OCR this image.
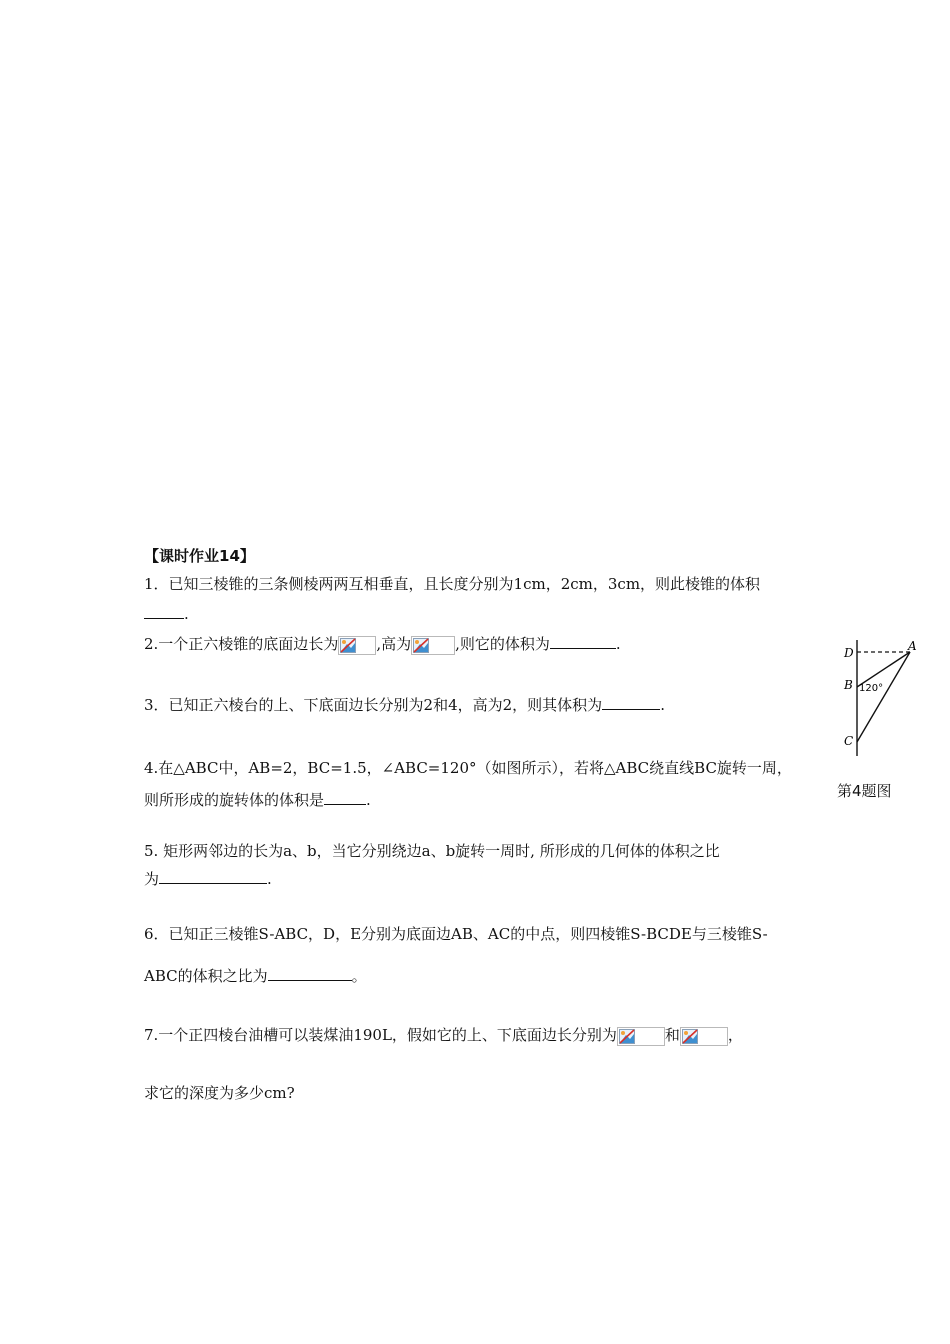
【课时作业14】
1．已知三棱锥的三条侧棱两两互相垂直，且长度分别为1cm，2cm，3cm，则此棱锥的体积
.
2.一个正六棱锥的底面边长为	,高为	,则它的体积为	.
3．已知正六棱台的上、下底面边长分别为2和4，高为2，则其体积为	.
4.在△ABC中，AB=2，BC=1.5，∠ABC=120°（如图所示），若将△ABC绕直线BC旋转一周，
则所形成的旋转体的体积是	.
5. 矩形两邻边的长为a、b，当它分别绕边a、b旋转一周时, 所形成的几何体的体积之比
为	.
6．已知正三棱锥S-ABC，D，E分别为底面边AB、AC的中点，则四棱锥S-BCDE与三棱锥S-
ABC的体积之比为	。
7.一个正四棱台油槽可以装煤油190L，假如它的上、下底面边长分别为	和	，
求它的深度为多少cm?
D	A
B
C
120°
第4题图
